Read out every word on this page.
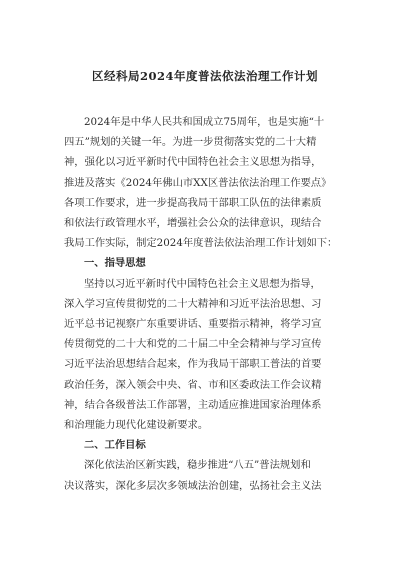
区经科局2024年度普法依法治理工作计划
2024年是中华人民共和国成立75周年，也是实施“十
四五”规划的关键一年。为进一步贯彻落实党的二十大精
神，强化以习近平新时代中国特色社会主义思想为指导，
推进及落实《2024年佛山市XX区普法依法治理工作要点》
各项工作要求，进一步提高我局干部职工队伍的法律素质
和依法行政管理水平，增强社会公众的法律意识，现结合
我局工作实际，制定2024年度普法依法治理工作计划如下：
一、指导思想
坚持以习近平新时代中国特色社会主义思想为指导，
深入学习宣传贯彻党的二十大精神和习近平法治思想、习
近平总书记视察广东重要讲话、重要指示精神，将学习宣
传贯彻党的二十大和党的二十届二中全会精神与学习宣传
习近平法治思想结合起来，作为我局干部职工普法的首要
政治任务，深入领会中央、省、市和区委政法工作会议精
神，结合各级普法工作部署，主动适应推进国家治理体系
和治理能力现代化建设新要求。
二、工作目标
深化依法治区新实践，稳步推进“八五”普法规划和
决议落实，深化多层次多领域法治创建，弘扬社会主义法
